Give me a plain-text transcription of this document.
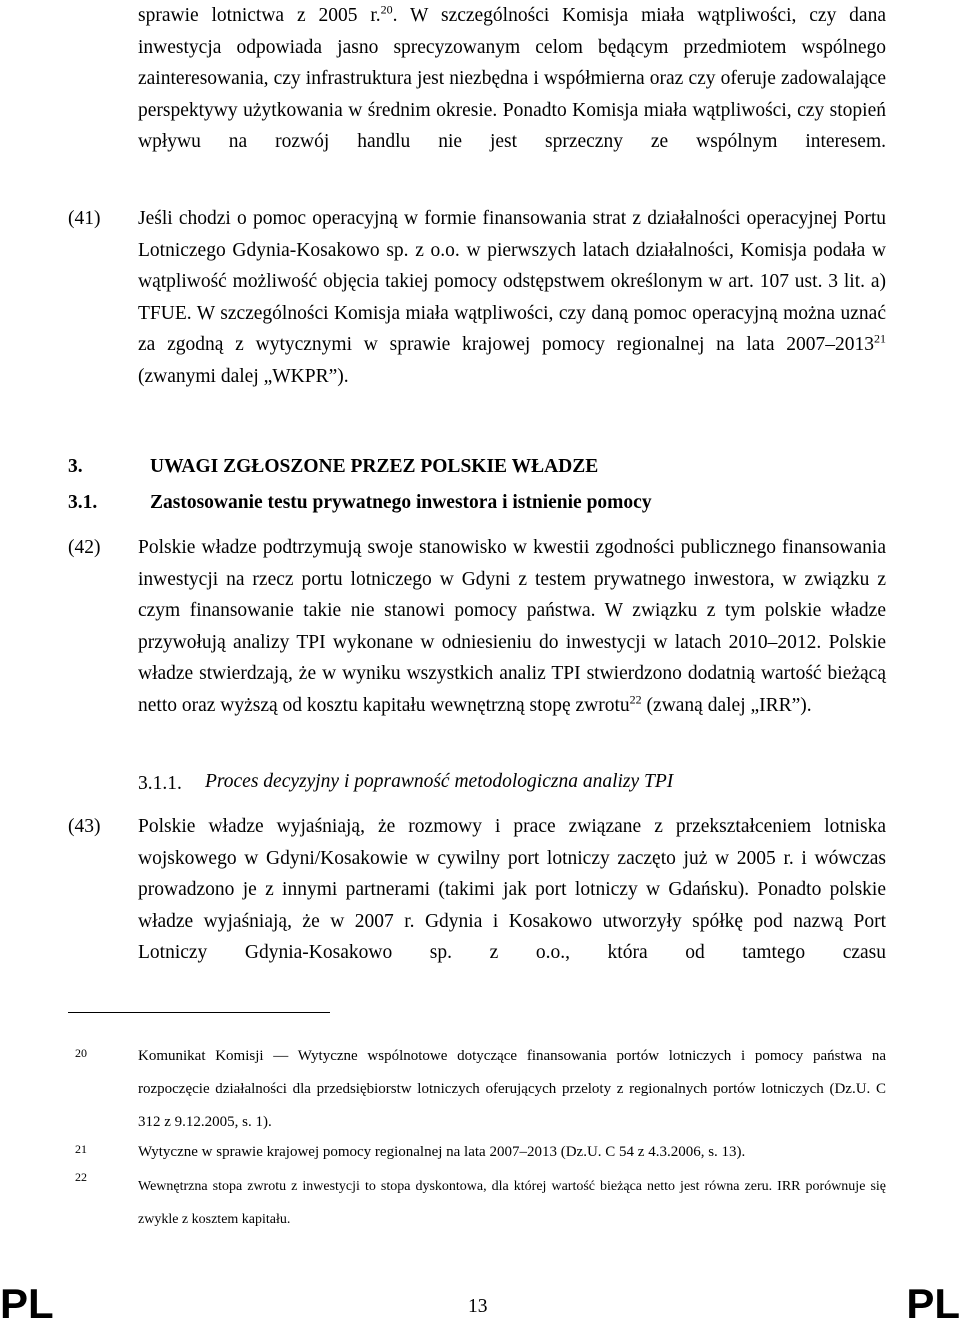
sprawie lotnictwa z 2005 r.$^{20}$. W szczególności Komisja miała wątpliwości, czy dana inwestycja odpowiada jasno sprecyzowanym celom będącym przedmiotem wspólnego zainteresowania, czy infrastruktura jest niezbędna i współmierna oraz czy oferuje zadowalające perspektywy użytkowania w średnim okresie. Ponadto Komisja miała wątpliwości, czy stopień wpływu na rozwój handlu nie jest sprzeczny ze wspólnym interesem.
(41) Jeśli chodzi o pomoc operacyjną w formie finansowania strat z działalności operacyjnej Portu Lotniczego Gdynia-Kosakowo sp. z o.o. w pierwszych latach działalności, Komisja podała w wątpliwość możliwość objęcia takiej pomocy odstępstwem określonym w art. 107 ust. 3 lit. a) TFUE. W szczególności Komisja miała wątpliwości, czy daną pomoc operacyjną można uznać za zgodną z wytycznymi w sprawie krajowej pomocy regionalnej na lata 2007–2013$^{21}$ (zwanymi dalej „WKPR”).
3.	UWAGI ZGŁOSZONE PRZEZ POLSKIE WŁADZE
3.1.	Zastosowanie testu prywatnego inwestora i istnienie pomocy
(42) Polskie władze podtrzymują swoje stanowisko w kwestii zgodności publicznego finansowania inwestycji na rzecz portu lotniczego w Gdyni z testem prywatnego inwestora, w związku z czym finansowanie takie nie stanowi pomocy państwa. W związku z tym polskie władze przywołują analizy TPI wykonane w odniesieniu do inwestycji w latach 2010–2012. Polskie władze stwierdzają, że w wyniku wszystkich analiz TPI stwierdzono dodatnią wartość bieżącą netto oraz wyższą od kosztu kapitału wewnętrzną stopę zwrotu$^{22}$ (zwaną dalej „IRR”).
3.1.1. Proces decyzyjny i poprawność metodologiczna analizy TPI
(43) Polskie władze wyjaśniają, że rozmowy i prace związane z przekształceniem lotniska wojskowego w Gdyni/Kosakowie w cywilny port lotniczy zaczęto już w 2005 r. i wówczas prowadzono je z innymi partnerami (takimi jak port lotniczy w Gdańsku). Ponadto polskie władze wyjaśniają, że w 2007 r. Gdynia i Kosakowo utworzyły spółkę pod nazwą Port Lotniczy Gdynia-Kosakowo sp. z o.o., która od tamtego czasu
20	Komunikat Komisji — Wytyczne wspólnotowe dotyczące finansowania portów lotniczych i pomocy państwa na rozpoczęcie działalności dla przedsiębiorstw lotniczych oferujących przeloty z regionalnych portów lotniczych (Dz.U. C 312 z 9.12.2005, s. 1).
21	Wytyczne w sprawie krajowej pomocy regionalnej na lata 2007–2013 (Dz.U. C 54 z 4.3.2006, s. 13).
22
Wewnętrzna stopa zwrotu z inwestycji to stopa dyskontowa, dla której wartość bieżąca netto jest równa zeru. IRR porównuje się zwykle z kosztem kapitału.
PL	13	PL
